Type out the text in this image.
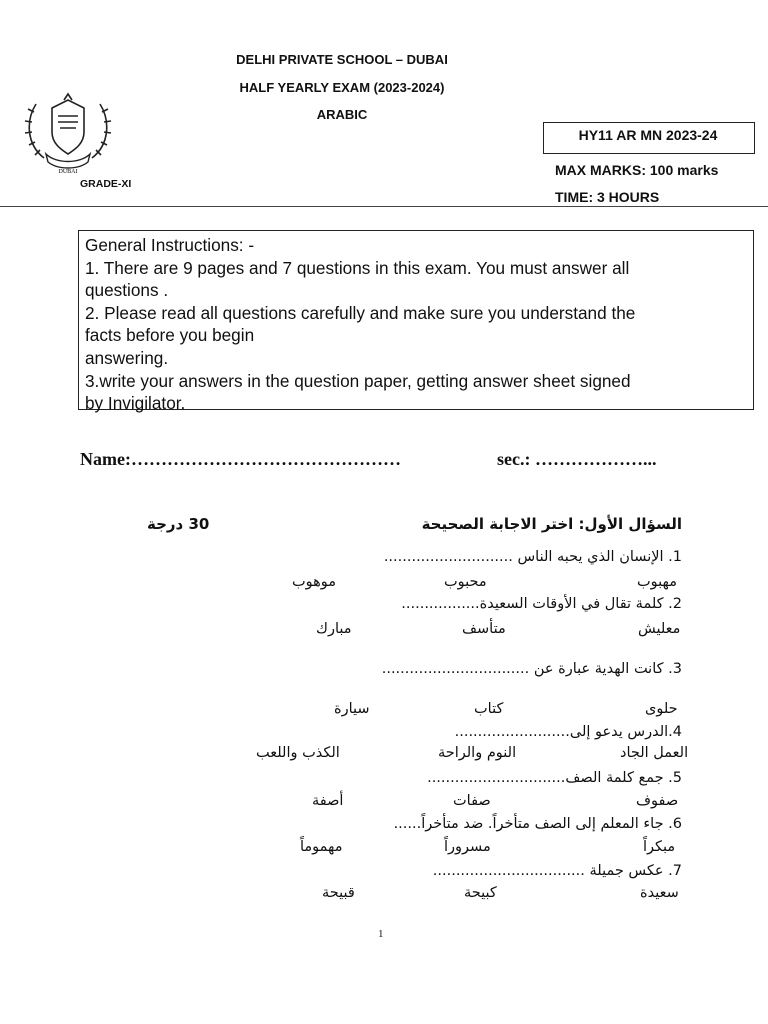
DELHI PRIVATE SCHOOL – DUBAI
HALF YEARLY EXAM (2023-2024)
ARABIC
DUBAI
GRADE-XI
HY11 AR MN 2023-24
MAX MARKS: 100 marks
TIME: 3 HOURS
General Instructions: -
1. There are 9 pages and 7 questions in this exam. You must answer all
questions .
2. Please read all questions carefully and make sure you understand the
facts before you begin
answering.
3.write your answers in the question paper, getting answer sheet signed
by Invigilator.
Name:………………………………………	sec.: ………………...
السؤال الأول: اختر الاجابة الصحيحة
30 درجة
1. الإنسان الذي يحبه الناس ............................
مهبوب
محبوب
موهوب
2. كلمة تقال في الأوقات السعيدة.................
معليش
متأسف
مبارك
3. كانت الهدية عبارة عن ................................
حلوى
كتاب
سيارة
4.الدرس يدعو إلى.........................
العمل الجاد
النوم والراحة
الكذب واللعب
5. جمع كلمة الصف..............................
صفوف
صفات
أصفة
6. جاء المعلم إلى الصف متأخراً. ضد متأخراً......
مبكراً
مسروراً
مهموماً
7. عكس جميلة .................................
سعيدة
كبيحة
قبيحة
1
